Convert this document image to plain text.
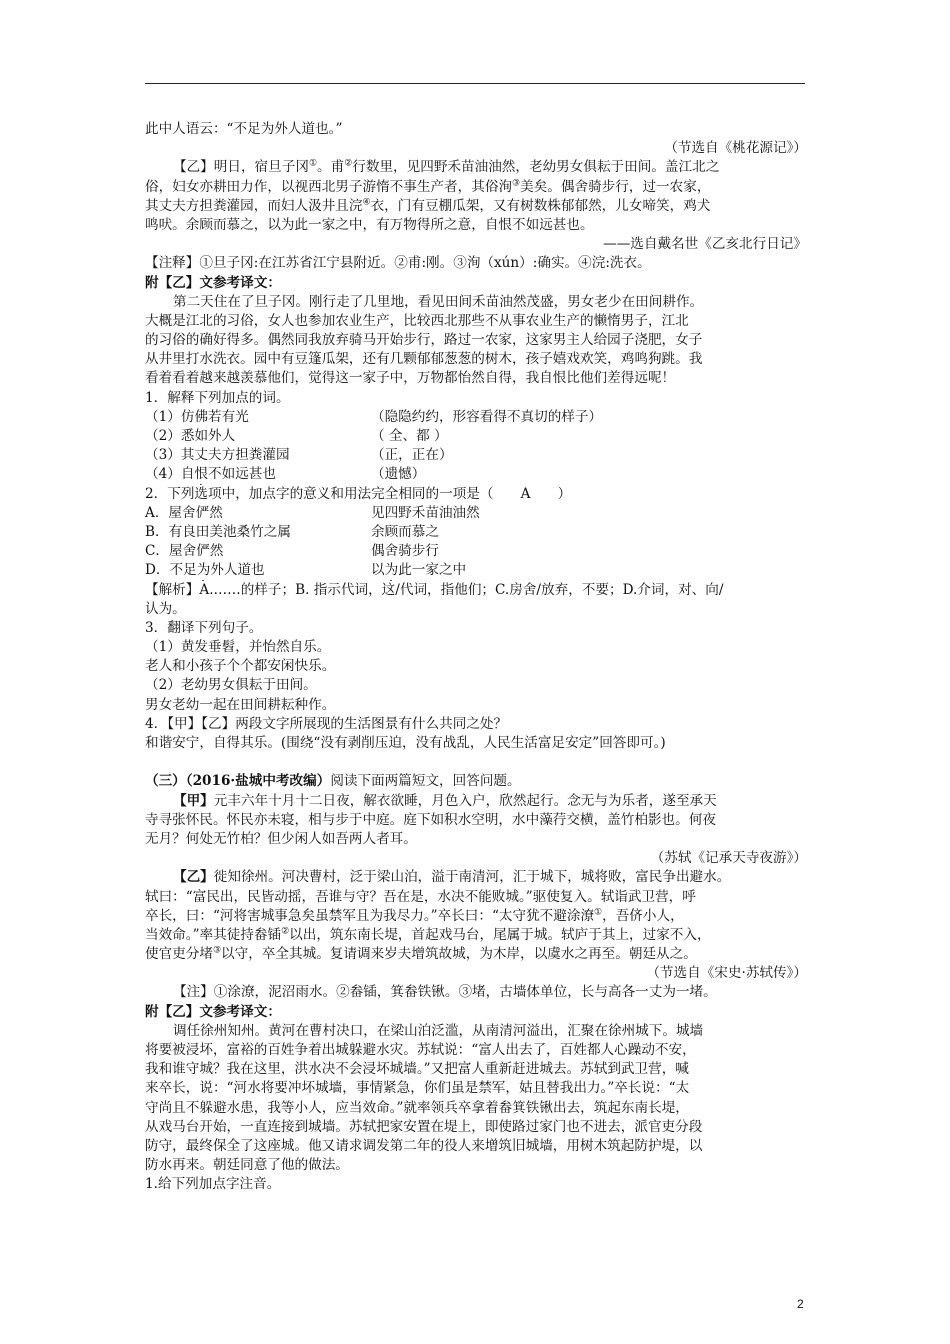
此中人语云：“不足为外人道也。”
（节选自《桃花源记》）
【乙】明日，宿旦子冈①。甫②行数里，见四野禾苗油油然，老幼男女俱耘于田间。盖江北之
俗，妇女亦耕田力作，以视西北男子游惰不事生产者，其俗洵③美矣。偶舍骑步行，过一农家，
其丈夫方担粪灌园，而妇人汲井且浣④衣，门有豆棚瓜架，又有树数株郁郁然，儿女啼笑，鸡犬
鸣吠。余顾而慕之，以为此一家之中，有万物得所之意，自恨不如远甚也。
——选自戴名世《乙亥北行日记》
【注释】①旦子冈:在江苏省江宁县附近。②甫:刚。③洵（xún）:确实。④浣:洗衣。
附【乙】文参考译文：
第二天住在了旦子冈。刚行走了几里地，看见田间禾苗油然茂盛，男女老少在田间耕作。
大概是江北的习俗，女人也参加农业生产，比较西北那些不从事农业生产的懒惰男子，江北
的习俗的确好得多。偶然同我放弃骑马开始步行，路过一农家，这家男主人给园子浇肥，女子
从井里打水洗衣。园中有豆篷瓜架，还有几颗郁郁葱葱的树木，孩子嬉戏欢笑，鸡鸣狗跳。我
看着看着越来越羡慕他们，觉得这一家子中，万物都怡然自得，我自恨比他们差得远呢！
1．解释下列加点的词。
（1）仿佛若有光	（隐隐约约，形容看得不真切的样子）
（2）悉如外人	（ 全、都 ）
（3）其丈夫方担粪灌园	（正，正在）
（4）自恨不如远甚也	（遗憾）
2．下列选项中，加点字的意义和用法完全相同的一项是（　　A　　）
A．屋舍俨然	见四野禾苗油油然
B．有良田美池桑竹之属	余顾而慕之
C．屋舍俨然	偶舍骑步行
D．不足为外人道也	以为此一家之中
【解析】A.……的样子；B. 指示代词，这/代词，指他们；C.房舍/放弃，不要；D.介词，对、向/
认为。
3．翻译下列句子。
（1）黄发垂髫，并怡然自乐。
老人和小孩子个个都安闲快乐。
（2）老幼男女俱耘于田间。
男女老幼一起在田间耕耘种作。
4．【甲】【乙】两段文字所展现的生活图景有什么共同之处？
和谐安宁，自得其乐。(围绕“没有剥削压迫，没有战乱，人民生活富足安定”回答即可。)
（三）（2016·盐城中考改编）阅读下面两篇短文，回答问题。
【甲】元丰六年十月十二日夜，解衣欲睡，月色入户，欣然起行。念无与为乐者，遂至承天
寺寻张怀民。怀民亦未寝，相与步于中庭。庭下如积水空明，水中藻荇交横，盖竹柏影也。何夜
无月？何处无竹柏？但少闲人如吾两人者耳。
（苏轼《记承天寺夜游》）
【乙】徙知徐州。河决曹村，泛于梁山泊，溢于南清河，汇于城下，城将败，富民争出避水。
轼曰：“富民出，民皆动摇，吾谁与守？吾在是，水决不能败城。”驱使复入。轼诣武卫营，呼
卒长，曰：“河将害城事急矣虽禁军且为我尽力。”卒长曰：“太守犹不避涂潦①，吾侪小人，
当效命。”率其徒持畚锸②以出，筑东南长堤，首起戏马台，尾属于城。轼庐于其上，过家不入，
使官吏分堵③以守，卒全其城。复请调来岁夫增筑故城，为木岸，以虞水之再至。朝廷从之。
（节选自《宋史·苏轼传》）
【注】①涂潦，泥沼雨水。②畚锸，箕畚铁锹。③堵，古墙体单位，长与高各一丈为一堵。
附【乙】文参考译文：
调任徐州知州。黄河在曹村决口，在梁山泊泛滥，从南清河溢出，汇聚在徐州城下。城墙
将要被浸坏，富裕的百姓争着出城躲避水灾。苏轼说：“富人出去了，百姓都人心躁动不安，
我和谁守城？我在这里，洪水决不会浸坏城墙。”又把富人重新赶进城去。苏轼到武卫营，喊
来卒长，说：“河水将要冲坏城墙，事情紧急，你们虽是禁军，姑且替我出力。”卒长说：“太
守尚且不躲避水患，我等小人，应当效命。”就率领兵卒拿着畚箕铁锹出去，筑起东南长堤，
从戏马台开始，一直连接到城墙。苏轼把家安置在堤上，即使路过家门也不进去，派官吏分段
防守，最终保全了这座城。他又请求调发第二年的役人来增筑旧城墙，用树木筑起防护堤，以
防水再来。朝廷同意了他的做法。
1.给下列加点字注音。
2
